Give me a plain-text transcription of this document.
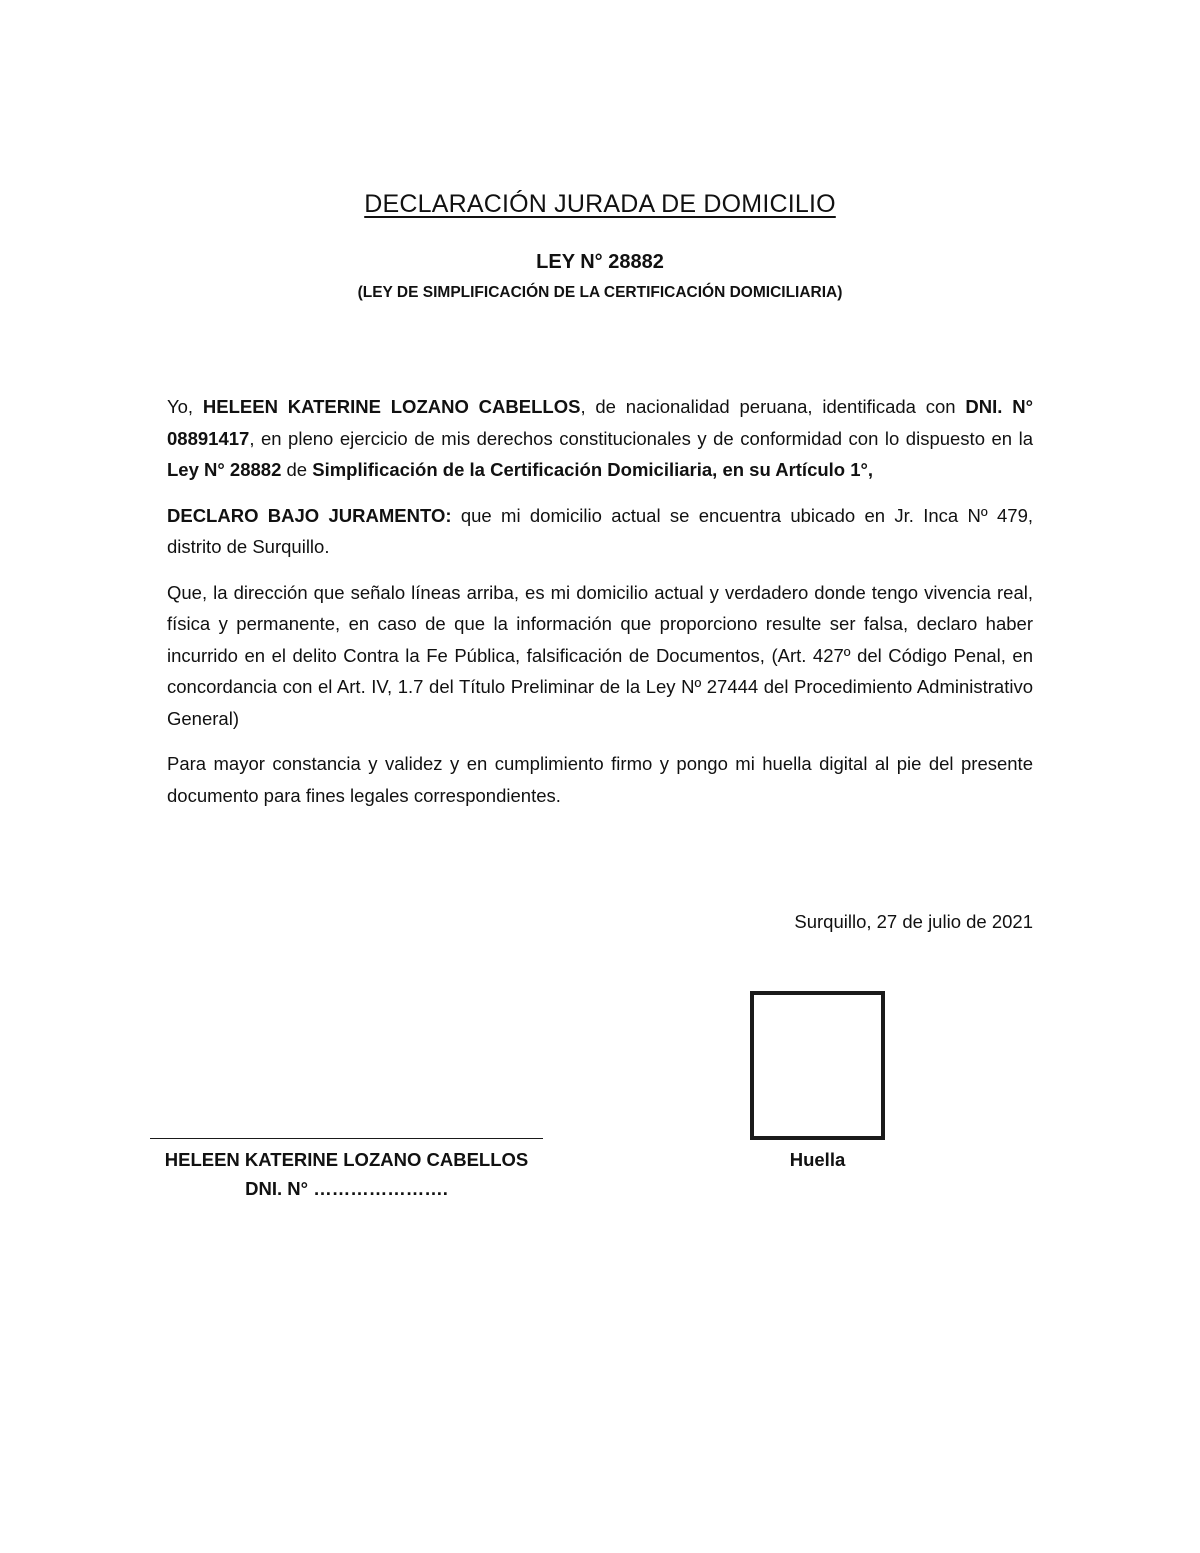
DECLARACIÓN JURADA DE DOMICILIO
LEY N° 28882
(LEY DE SIMPLIFICACIÓN DE LA CERTIFICACIÓN DOMICILIARIA)

Yo, HELEEN KATERINE LOZANO CABELLOS, de nacionalidad peruana, identificada con DNI. N° 08891417, en pleno ejercicio de mis derechos constitucionales y de conformidad con lo dispuesto en la Ley N° 28882 de Simplificación de la Certificación Domiciliaria, en su Artículo 1°,

DECLARO BAJO JURAMENTO: que mi domicilio actual se encuentra ubicado en Jr. Inca Nº 479, distrito de Surquillo.

Que, la dirección que señalo líneas arriba, es mi domicilio actual y verdadero donde tengo vivencia real, física y permanente, en caso de que la información que proporciono resulte ser falsa, declaro haber incurrido en el delito Contra la Fe Pública, falsificación de Documentos, (Art. 427º del Código Penal, en concordancia con el Art. IV, 1.7 del Título Preliminar de la Ley Nº 27444 del Procedimiento Administrativo General)

Para mayor constancia y validez y en cumplimiento firmo y pongo mi huella digital al pie del presente documento para fines legales correspondientes.

Surquillo, 27 de julio de 2021
Huella
HELEEN KATERINE LOZANO CABELLOS
DNI. N° ………………….
